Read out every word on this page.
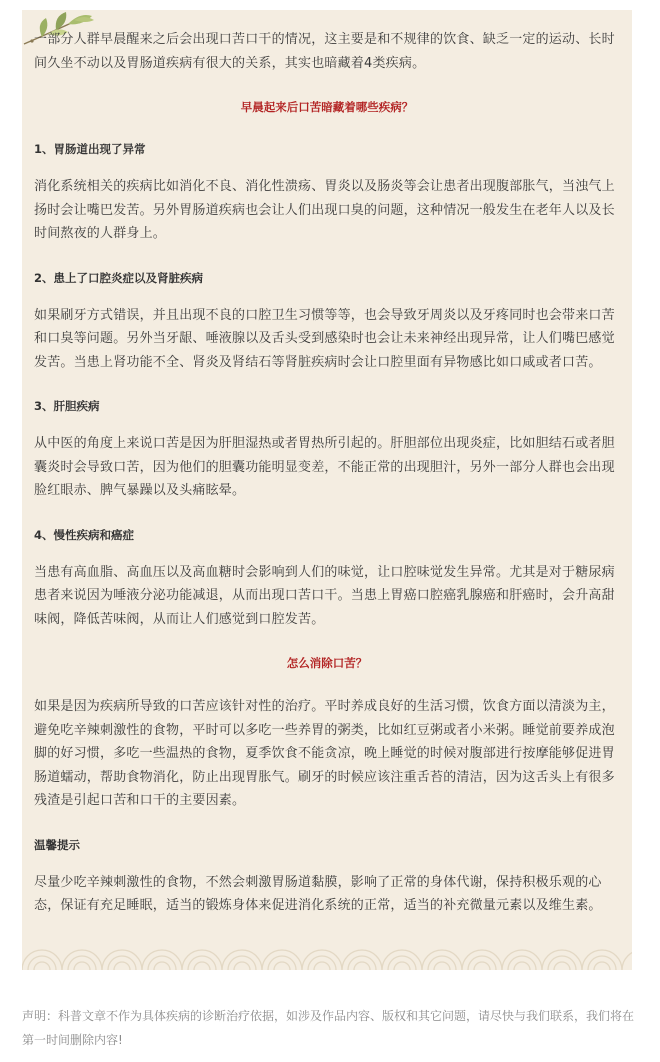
一部分人群早晨醒来之后会出现口苦口干的情况，这主要是和不规律的饮食、缺乏一定的运动、长时间久坐不动以及胃肠道疾病有很大的关系，其实也暗藏着4类疾病。

早晨起来后口苦暗藏着哪些疾病？
1、胃肠道出现了异常

消化系统相关的疾病比如消化不良、消化性溃疡、胃炎以及肠炎等会让患者出现腹部胀气，当浊气上扬时会让嘴巴发苦。另外胃肠道疾病也会让人们出现口臭的问题，这种情况一般发生在老年人以及长时间熬夜的人群身上。

2、患上了口腔炎症以及肾脏疾病

如果刷牙方式错误，并且出现不良的口腔卫生习惯等等，也会导致牙周炎以及牙疼同时也会带来口苦和口臭等问题。另外当牙龈、唾液腺以及舌头受到感染时也会让未来神经出现异常，让人们嘴巴感觉发苦。当患上肾功能不全、肾炎及肾结石等肾脏疾病时会让口腔里面有异物感比如口咸或者口苦。

3、肝胆疾病

从中医的角度上来说口苦是因为肝胆湿热或者胃热所引起的。肝胆部位出现炎症，比如胆结石或者胆囊炎时会导致口苦，因为他们的胆囊功能明显变差，不能正常的出现胆汁，另外一部分人群也会出现脸红眼赤、脾气暴躁以及头痛眩晕。

4、慢性疾病和癌症

当患有高血脂、高血压以及高血糖时会影响到人们的味觉，让口腔味觉发生异常。尤其是对于糖尿病患者来说因为唾液分泌功能减退，从而出现口苦口干。当患上胃癌口腔癌乳腺癌和肝癌时，会升高甜味阀，降低苦味阀，从而让人们感觉到口腔发苦。

怎么消除口苦？

如果是因为疾病所导致的口苦应该针对性的治疗。平时养成良好的生活习惯，饮食方面以清淡为主，避免吃辛辣刺激性的食物，平时可以多吃一些养胃的粥类，比如红豆粥或者小米粥。睡觉前要养成泡脚的好习惯，多吃一些温热的食物，夏季饮食不能贪凉，晚上睡觉的时候对腹部进行按摩能够促进胃肠道蠕动，帮助食物消化，防止出现胃胀气。刷牙的时候应该注重舌苔的清洁，因为这舌头上有很多残渣是引起口苦和口干的主要因素。

温馨提示

尽量少吃辛辣刺激性的食物，不然会刺激胃肠道黏膜，影响了正常的身体代谢，保持积极乐观的心态，保证有充足睡眠，适当的锻炼身体来促进消化系统的正常，适当的补充微量元素以及维生素。

声明：科普文章不作为具体疾病的诊断治疗依据，如涉及作品内容、版权和其它问题，请尽快与我们联系，我们将在第一时间删除内容!
